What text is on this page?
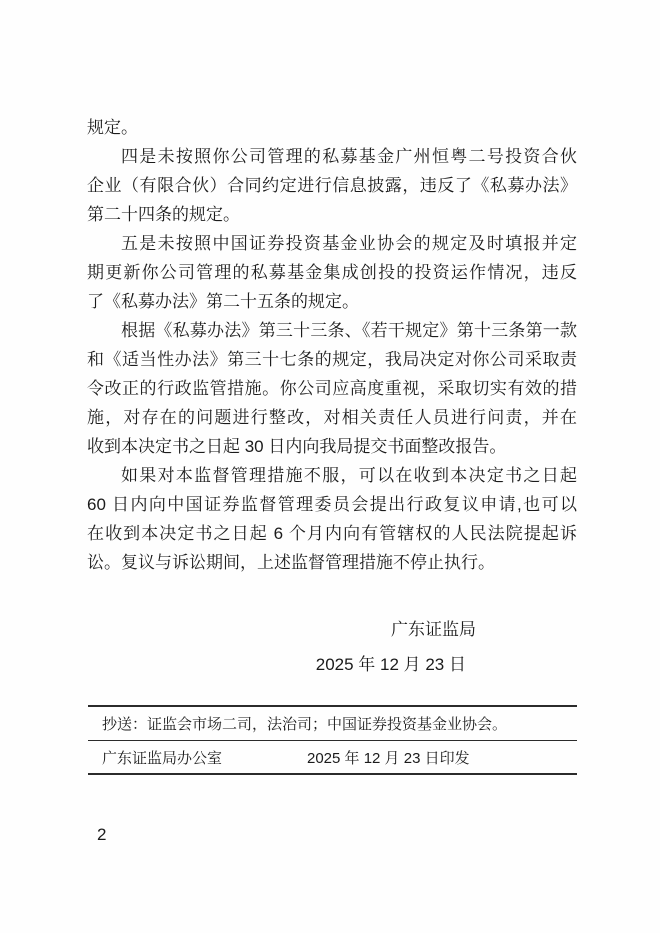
规定。
四是未按照你公司管理的私募基金广州恒粤二号投资合伙
企业（有限合伙）合同约定进行信息披露，违反了《私募办法》
第二十四条的规定。
五是未按照中国证券投资基金业协会的规定及时填报并定
期更新你公司管理的私募基金集成创投的投资运作情况，违反
了《私募办法》第二十五条的规定。
根据《私募办法》第三十三条、《若干规定》第十三条第一款
和《适当性办法》第三十七条的规定，我局决定对你公司采取责
令改正的行政监管措施。你公司应高度重视，采取切实有效的措
施，对存在的问题进行整改，对相关责任人员进行问责，并在
收到本决定书之日起 30 日内向我局提交书面整改报告。
如果对本监督管理措施不服，可以在收到本决定书之日起
60 日内向中国证券监督管理委员会提出行政复议申请,也可以
在收到本决定书之日起 6 个月内向有管辖权的人民法院提起诉
讼。复议与诉讼期间，上述监督管理措施不停止执行。
广东证监局
2025 年 12 月 23 日
抄送：证监会市场二司，法治司；中国证券投资基金业协会。
广东证监局办公室	2025 年 12 月 23 日印发
2
